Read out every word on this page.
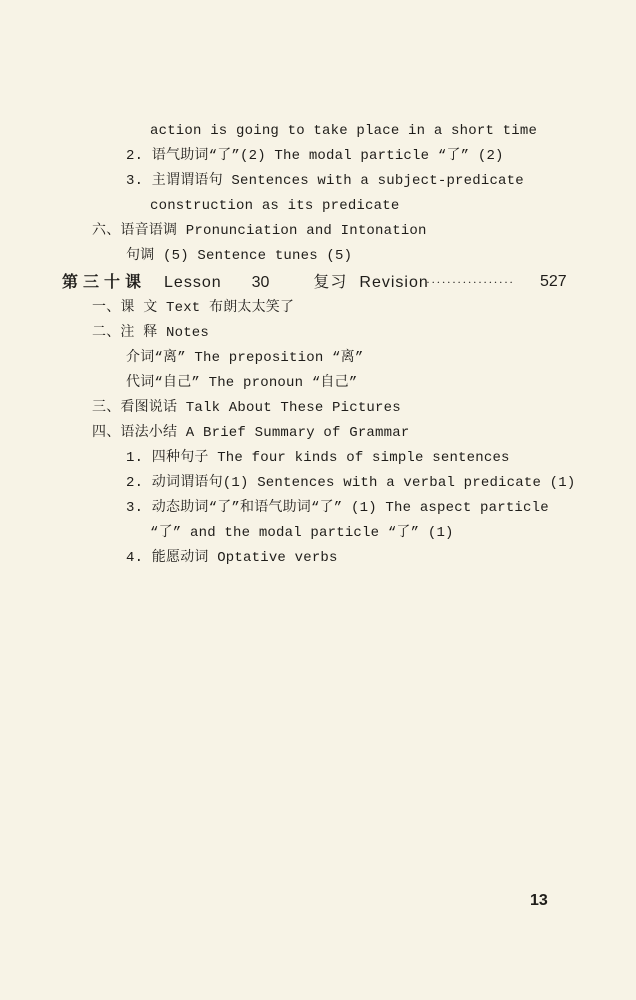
action is going to take place in a short time
2. 语气助词“了”(2) The modal particle “了” (2)
3. 主谓谓语句 Sentences with a subject-predicate
construction as its predicate
六、语音语调 Pronunciation and Intonation
句调 (5) Sentence tunes (5)
第三十课 Lesson 30	复习 Revision
················· 527
一、课 文 Text 布朗太太笑了
二、注 释 Notes
介词“离” The preposition “离”
代词“自己” The pronoun “自己”
三、看图说话 Talk About These Pictures
四、语法小结 A Brief Summary of Grammar
1. 四种句子 The four kinds of simple sentences
2. 动词谓语句(1) Sentences with a verbal predicate (1)
3. 动态助词“了”和语气助词“了” (1) The aspect particle
“了” and the modal particle “了” (1)
4. 能愿动词 Optative verbs
13
